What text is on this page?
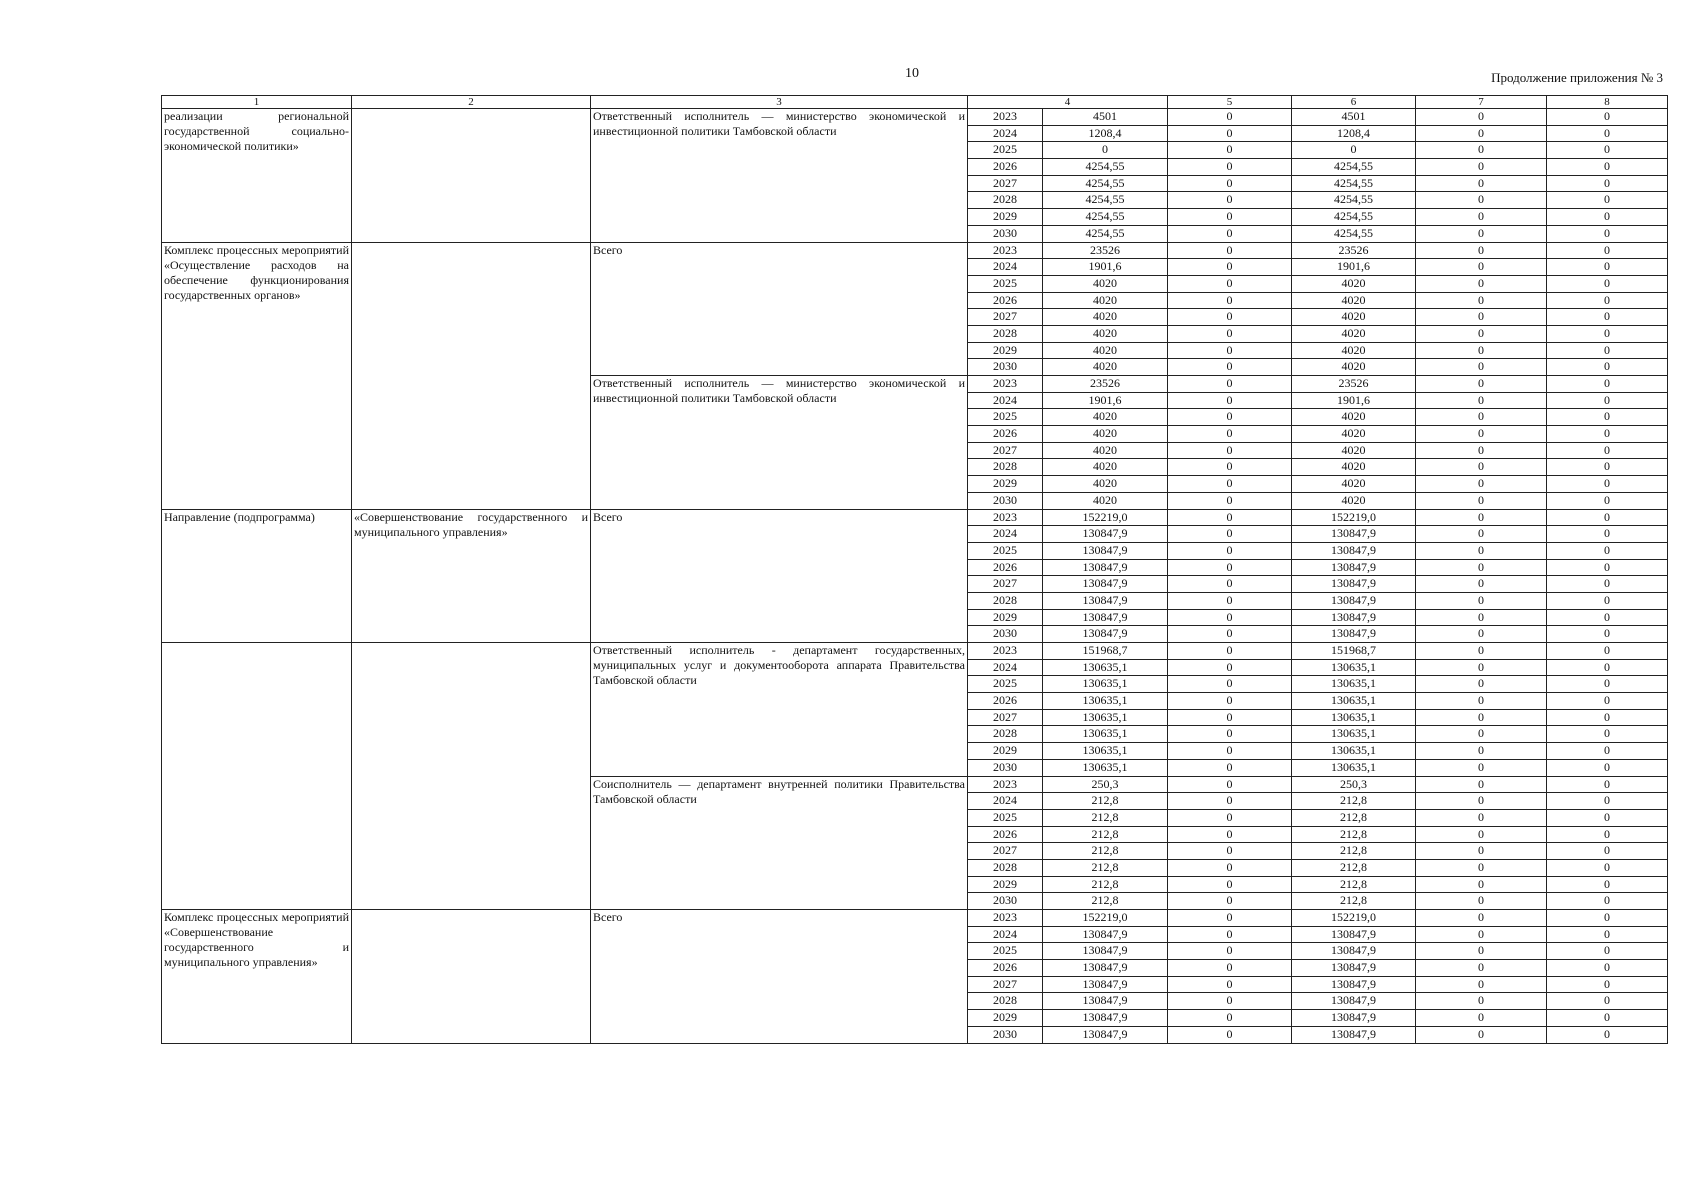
10	Продолжение приложения № 3
1	2	3	4		5	6	7	8
реализации региональной государственной социально-экономической политики»		Ответственный исполнитель — министерство экономической и инвестиционной политики Тамбовской области	2023	4501	0	4501	0	0
			2024	1208,4	0	1208,4	0	0
			2025	0	0	0	0	0
			2026	4254,55	0	4254,55	0	0
			2027	4254,55	0	4254,55	0	0
			2028	4254,55	0	4254,55	0	0
			2029	4254,55	0	4254,55	0	0
			2030	4254,55	0	4254,55	0	0
Комплекс процессных мероприятий «Осуществление расходов на обеспечение функционирования государственных органов»		Всего	2023	23526	0	23526	0	0
			2024	1901,6	0	1901,6	0	0
			2025	4020	0	4020	0	0
			2026	4020	0	4020	0	0
			2027	4020	0	4020	0	0
			2028	4020	0	4020	0	0
			2029	4020	0	4020	0	0
			2030	4020	0	4020	0	0
		Ответственный исполнитель — министерство экономической и инвестиционной политики Тамбовской области	2023	23526	0	23526	0	0
			2024	1901,6	0	1901,6	0	0
			2025	4020	0	4020	0	0
			2026	4020	0	4020	0	0
			2027	4020	0	4020	0	0
			2028	4020	0	4020	0	0
			2029	4020	0	4020	0	0
			2030	4020	0	4020	0	0
Направление (подпрограмма)	«Совершенствование государственного и муниципального управления»	Всего	2023	152219,0	0	152219,0	0	0
			2024	130847,9	0	130847,9	0	0
			2025	130847,9	0	130847,9	0	0
			2026	130847,9	0	130847,9	0	0
			2027	130847,9	0	130847,9	0	0
			2028	130847,9	0	130847,9	0	0
			2029	130847,9	0	130847,9	0	0
			2030	130847,9	0	130847,9	0	0
		Ответственный исполнитель - департамент государственных, муниципальных услуг и документооборота аппарата Правительства Тамбовской области	2023	151968,7	0	151968,7	0	0
			2024	130635,1	0	130635,1	0	0
			2025	130635,1	0	130635,1	0	0
			2026	130635,1	0	130635,1	0	0
			2027	130635,1	0	130635,1	0	0
			2028	130635,1	0	130635,1	0	0
			2029	130635,1	0	130635,1	0	0
			2030	130635,1	0	130635,1	0	0
		Соисполнитель — департамент внутренней политики Правительства Тамбовской области	2023	250,3	0	250,3	0	0
			2024	212,8	0	212,8	0	0
			2025	212,8	0	212,8	0	0
			2026	212,8	0	212,8	0	0
			2027	212,8	0	212,8	0	0
			2028	212,8	0	212,8	0	0
			2029	212,8	0	212,8	0	0
			2030	212,8	0	212,8	0	0
Комплекс процессных мероприятий «Совершенствование государственного и муниципального управления»		Всего	2023	152219,0	0	152219,0	0	0
			2024	130847,9	0	130847,9	0	0
			2025	130847,9	0	130847,9	0	0
			2026	130847,9	0	130847,9	0	0
			2027	130847,9	0	130847,9	0	0
			2028	130847,9	0	130847,9	0	0
			2029	130847,9	0	130847,9	0	0
			2030	130847,9	0	130847,9	0	0
